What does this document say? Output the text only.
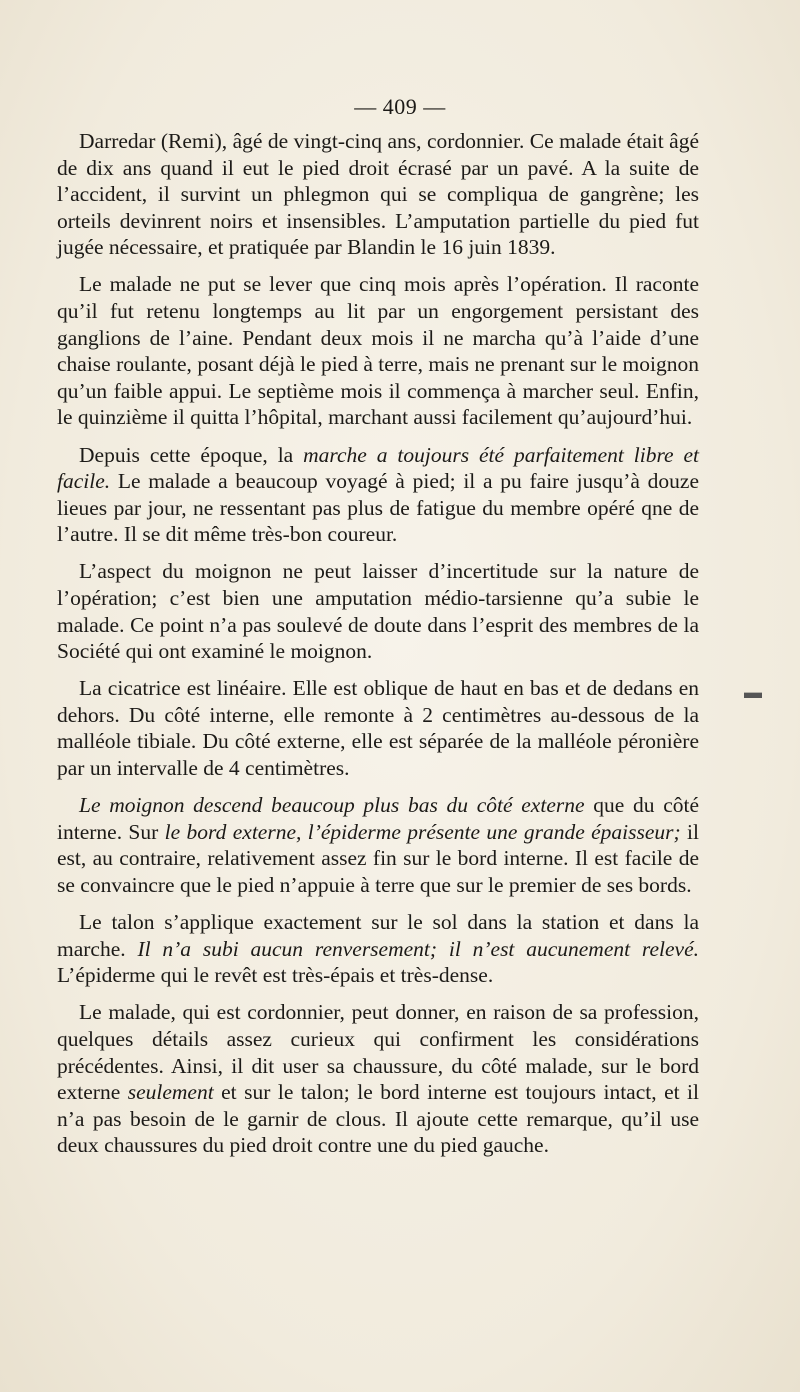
— 409 —

Darredar (Remi), âgé de vingt-cinq ans, cordonnier. Ce malade était âgé de dix ans quand il eut le pied droit écrasé par un pavé. A la suite de l’accident, il survint un phlegmon qui se compliqua de gangrène; les orteils devinrent noirs et insensibles. L’amputation partielle du pied fut jugée nécessaire, et pratiquée par Blandin le 16 juin 1839.

Le malade ne put se lever que cinq mois après l’opération. Il raconte qu’il fut retenu longtemps au lit par un engorgement persistant des ganglions de l’aine. Pendant deux mois il ne marcha qu’à l’aide d’une chaise roulante, posant déjà le pied à terre, mais ne prenant sur le moignon qu’un faible appui. Le septième mois il commença à marcher seul. Enfin, le quinzième il quitta l’hôpital, marchant aussi facilement qu’aujourd’hui.

Depuis cette époque, la marche a toujours été parfaitement libre et facile. Le malade a beaucoup voyagé à pied; il a pu faire jusqu’à douze lieues par jour, ne ressentant pas plus de fatigue du membre opéré qne de l’autre. Il se dit même très-bon coureur.

L’aspect du moignon ne peut laisser d’incertitude sur la nature de l’opération; c’est bien une amputation médio-tarsienne qu’a subie le malade. Ce point n’a pas soulevé de doute dans l’esprit des membres de la Société qui ont examiné le moignon.

La cicatrice est linéaire. Elle est oblique de haut en bas et de dedans en dehors. Du côté interne, elle remonte à 2 centimètres au-dessous de la malléole tibiale. Du côté externe, elle est séparée de la malléole péronière par un intervalle de 4 centimètres.

Le moignon descend beaucoup plus bas du côté externe que du côté interne. Sur le bord externe, l’épiderme présente une grande épaisseur; il est, au contraire, relativement assez fin sur le bord interne. Il est facile de se convaincre que le pied n’appuie à terre que sur le premier de ses bords.

Le talon s’applique exactement sur le sol dans la station et dans la marche. Il n’a subi aucun renversement; il n’est aucunement relevé. L’épiderme qui le revêt est très-épais et très-dense.

Le malade, qui est cordonnier, peut donner, en raison de sa profession, quelques détails assez curieux qui confirment les considérations précédentes. Ainsi, il dit user sa chaussure, du côté malade, sur le bord externe seulement et sur le talon; le bord interne est toujours intact, et il n’a pas besoin de le garnir de clous. Il ajoute cette remarque, qu’il use deux chaussures du pied droit contre une du pied gauche.

▬
